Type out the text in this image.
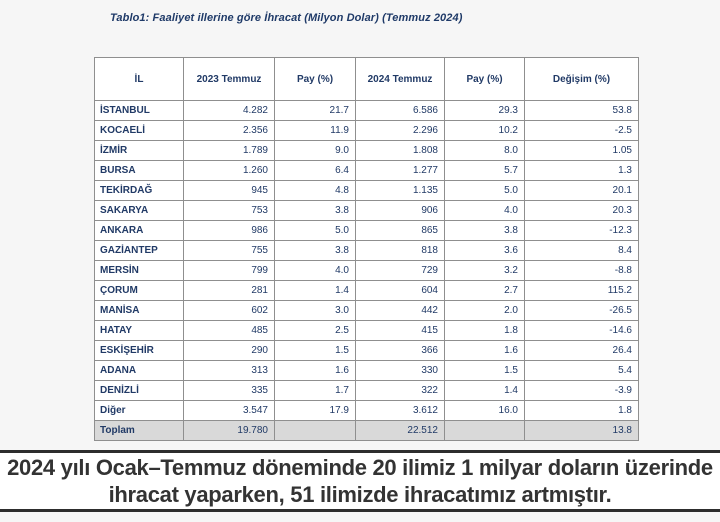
Tablo1: Faaliyet illerine göre İhracat (Milyon Dolar) (Temmuz 2024)
İL	2023 Temmuz	Pay (%)	2024 Temmuz	Pay (%)	Değişim (%)
İSTANBUL	4.282	21.7	6.586	29.3	53.8
KOCAELİ	2.356	11.9	2.296	10.2	-2.5
İZMİR	1.789	9.0	1.808	8.0	1.05
BURSA	1.260	6.4	1.277	5.7	1.3
TEKİRDAĞ	945	4.8	1.135	5.0	20.1
SAKARYA	753	3.8	906	4.0	20.3
ANKARA	986	5.0	865	3.8	-12.3
GAZİANTEP	755	3.8	818	3.6	8.4
MERSİN	799	4.0	729	3.2	-8.8
ÇORUM	281	1.4	604	2.7	115.2
MANİSA	602	3.0	442	2.0	-26.5
HATAY	485	2.5	415	1.8	-14.6
ESKİŞEHİR	290	1.5	366	1.6	26.4
ADANA	313	1.6	330	1.5	5.4
DENİZLİ	335	1.7	322	1.4	-3.9
Diğer	3.547	17.9	3.612	16.0	1.8
Toplam	19.780		22.512		13.8
2024 yılı Ocak–Temmuz döneminde 20 ilimiz 1 milyar doların üzerinde
ihracat yaparken, 51 ilimizde ihracatımız artmıştır.
